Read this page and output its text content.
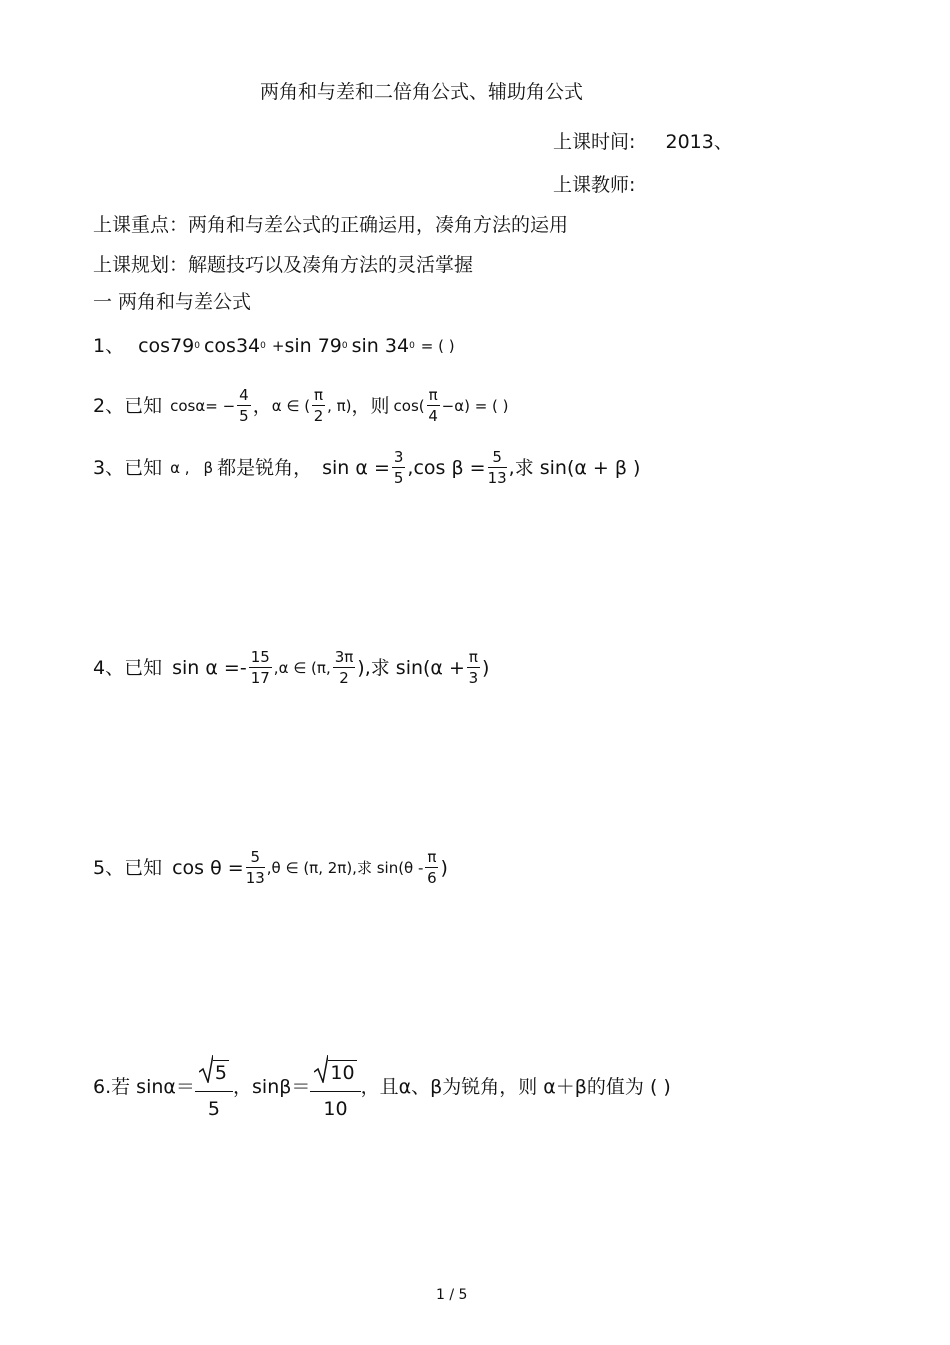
两角和与差和二倍角公式、辅助角公式
上课时间: 2013、
上课教师:
上课重点：两角和与差公式的正确运用，凑角方法的运用
上课规划：解题技巧以及凑角方法的灵活掌握
一 两角和与差公式
1、 cos79 0 cos34 0 + sin 79 0 sin 34 0 = ( )
2、已知 cosα = − $\frac{4}{5}$ ， α ∈ ( $\frac{\pi}{2}$ , π) ，则 $\cos( \frac{\pi}{4} -\alpha)$ = ( )
3、已知 α , β 都是锐角， $\sin \alpha = \frac{3}{5} ,\cos$ $\beta = \frac{5}{13}$ ,求 sin(α + β )
4、已知 $\sin \alpha =- \frac{15}{17} ,\alpha$ ∈ (π, $\frac{3\pi}{2}$ ),求 $\sin(\alpha + \frac{\pi}{3}$ )
5、已知 $\cos \theta = \frac{5}{13} ,\theta$ ∈ (π, 2π),求 $\sin(\theta - \frac{\pi}{6}$ )
6.若 $\sin\alpha= \frac{5}{5}$ ，$\sin\beta= \frac{10}{10}$ ，且α、β为锐角，则 α＋β的值为 ( )
1 / 5
